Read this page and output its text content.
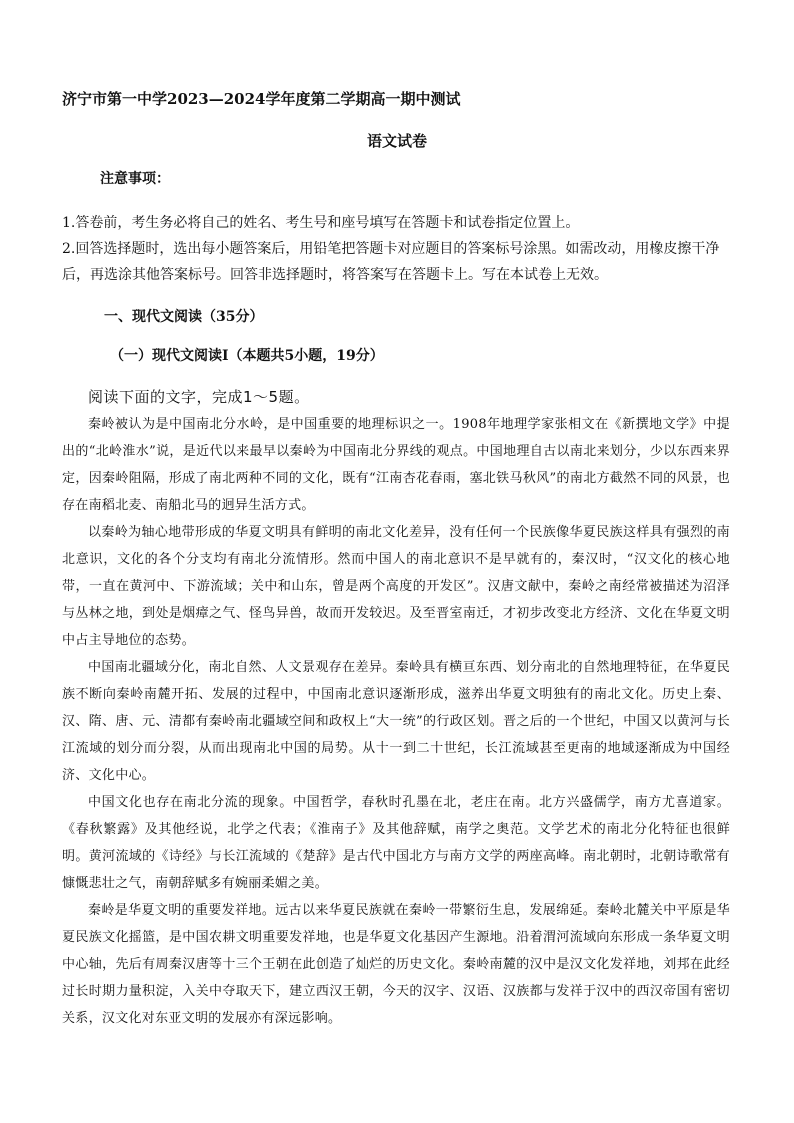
济宁市第一中学2023—2024学年度第二学期高一期中测试
语文试卷
注意事项：
1.答卷前，考生务必将自己的姓名、考生号和座号填写在答题卡和试卷指定位置上。
2.回答选择题时，选出每小题答案后，用铅笔把答题卡对应题目的答案标号涂黑。如需改动，用橡皮擦干净后，再选涂其他答案标号。回答非选择题时，将答案写在答题卡上。写在本试卷上无效。
一、现代文阅读（35分）
（一）现代文阅读Ⅰ（本题共5小题，19分）
阅读下面的文字，完成1～5题。

秦岭被认为是中国南北分水岭，是中国重要的地理标识之一。1908年地理学家张相文在《新撰地文学》中提出的“北岭淮水”说，是近代以来最早以秦岭为中国南北分界线的观点。中国地理自古以南北来划分，少以东西来界定，因秦岭阻隔，形成了南北两种不同的文化，既有“江南杏花春雨，塞北铁马秋风”的南北方截然不同的风景，也存在南稻北麦、南船北马的迥异生活方式。

以秦岭为轴心地带形成的华夏文明具有鲜明的南北文化差异，没有任何一个民族像华夏民族这样具有强烈的南北意识，文化的各个分支均有南北分流情形。然而中国人的南北意识不是早就有的，秦汉时，“汉文化的核心地带，一直在黄河中、下游流域；关中和山东，曾是两个高度的开发区”。汉唐文献中，秦岭之南经常被描述为沼泽与丛林之地，到处是烟瘴之气、怪鸟异兽，故而开发较迟。及至晋室南迁，才初步改变北方经济、文化在华夏文明中占主导地位的态势。

中国南北疆域分化，南北自然、人文景观存在差异。秦岭具有横亘东西、划分南北的自然地理特征，在华夏民族不断向秦岭南麓开拓、发展的过程中，中国南北意识逐渐形成，滋养出华夏文明独有的南北文化。历史上秦、汉、隋、唐、元、清都有秦岭南北疆域空间和政权上“大一统”的行政区划。晋之后的一个世纪，中国又以黄河与长江流域的划分而分裂，从而出现南北中国的局势。从十一到二十世纪，长江流域甚至更南的地域逐渐成为中国经济、文化中心。

中国文化也存在南北分流的现象。中国哲学，春秋时孔墨在北，老庄在南。北方兴盛儒学，南方尤喜道家。《春秋繁露》及其他经说，北学之代表；《淮南子》及其他辞赋，南学之奥范。文学艺术的南北分化特征也很鲜明。黄河流域的《诗经》与长江流域的《楚辞》是古代中国北方与南方文学的两座高峰。南北朝时，北朝诗歌常有慷慨悲壮之气，南朝辞赋多有婉丽柔媚之美。

秦岭是华夏文明的重要发祥地。远古以来华夏民族就在秦岭一带繁衍生息，发展绵延。秦岭北麓关中平原是华夏民族文化摇篮，是中国农耕文明重要发祥地，也是华夏文化基因产生源地。沿着渭河流域向东形成一条华夏文明中心轴，先后有周秦汉唐等十三个王朝在此创造了灿烂的历史文化。秦岭南麓的汉中是汉文化发祥地，刘邦在此经过长时期力量积淀，入关中夺取天下，建立西汉王朝，今天的汉字、汉语、汉族都与发祥于汉中的西汉帝国有密切关系，汉文化对东亚文明的发展亦有深远影响。
